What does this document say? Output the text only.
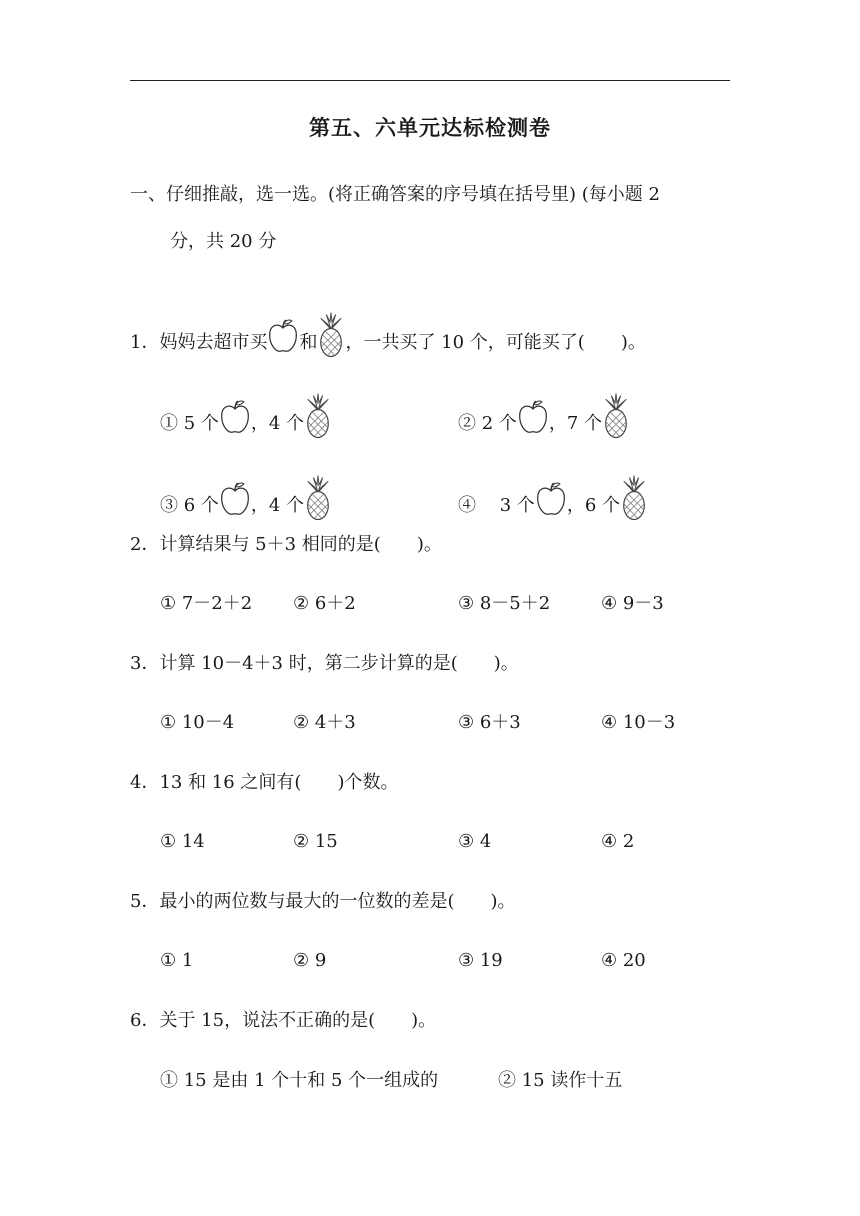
第五、六单元达标检测卷
一、仔细推敲，选一选。(将正确答案的序号填在括号里) (每小题 2
分，共 20 分
1．妈妈去超市买 和 ，一共买了 10 个，可能买了(　　)。
① 5 个 ，4 个	② 2 个 ，7 个
③ 6 个 ，4 个	④ 　3 个 ，6 个
2．计算结果与 5＋3 相同的是(　　)。
① 7－2＋2 ② 6＋2	③ 8－5＋2	④ 9－3
3．计算 10－4＋3 时，第二步计算的是(　　)。
① 10－4	② 4＋3	③ 6＋3	④ 10－3
4．13 和 16 之间有(　　)个数。
① 14	② 15	③ 4	④ 2
5．最小的两位数与最大的一位数的差是(　　)。
① 1	② 9	③ 19	④ 20
6．关于 15，说法不正确的是(　　)。
① 15 是由 1 个十和 5 个一组成的	② 15 读作十五
